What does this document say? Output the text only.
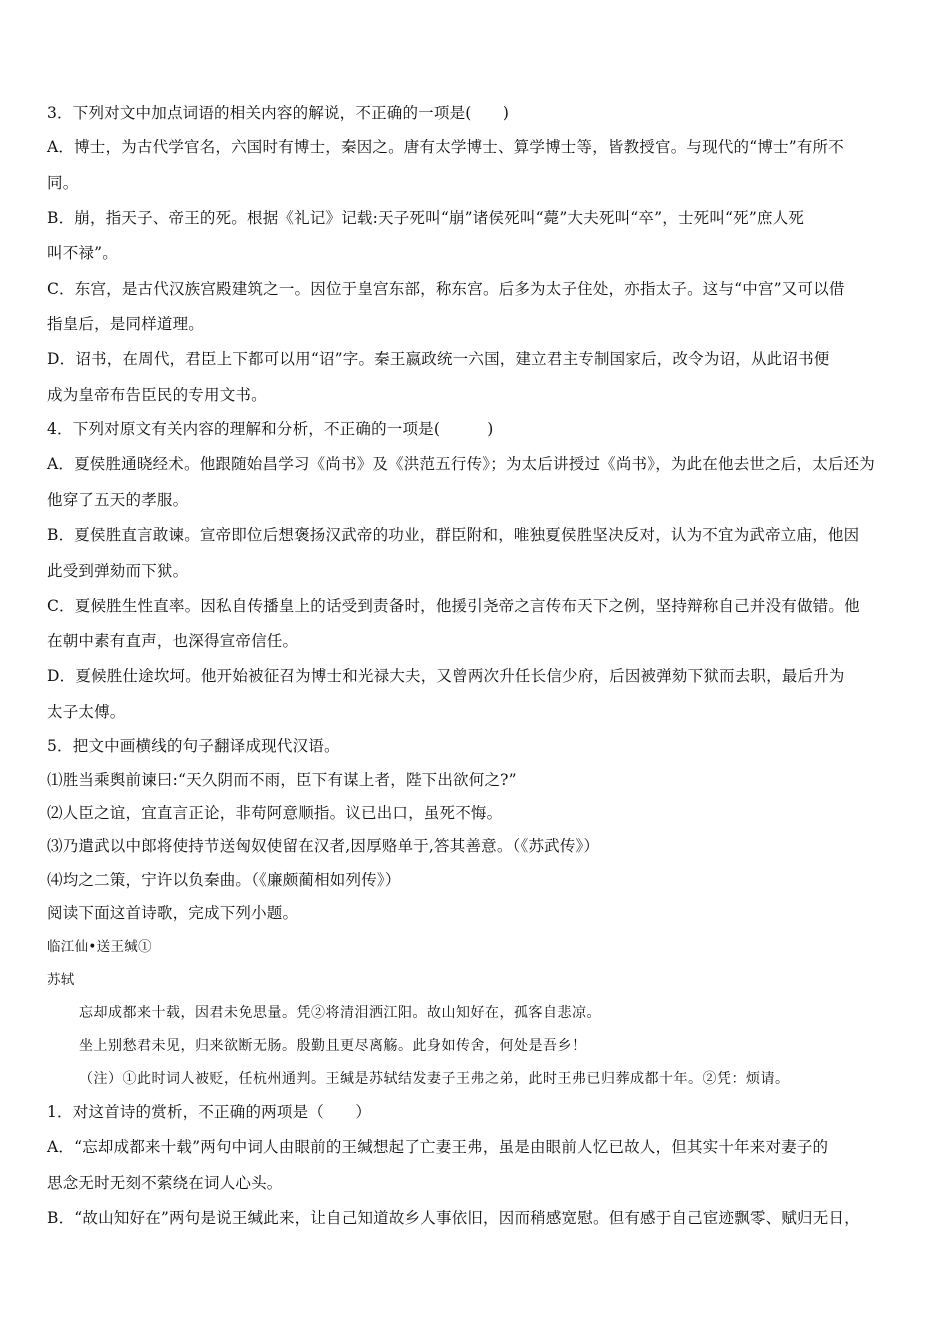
3．下列对文中加点词语的相关内容的解说，不正确的一项是(　　)
A．博士，为古代学官名，六国时有博士，秦因之。唐有太学博士、算学博士等，皆教授官。与现代的“博士”有所不
同。
B．崩，指天子、帝王的死。根据《礼记》记载:天子死叫“崩”诸侯死叫“薨”大夫死叫“卒”，士死叫“死”庶人死
叫不禄”。
C．东宫，是古代汉族宫殿建筑之一。因位于皇宫东部，称东宫。后多为太子住处，亦指太子。这与“中宫”又可以借
指皇后，是同样道理。
D．诏书，在周代，君臣上下都可以用“诏”字。秦王嬴政统一六国，建立君主专制国家后，改令为诏，从此诏书便
成为皇帝布告臣民的专用文书。
4．下列对原文有关内容的理解和分析，不正确的一项是(　　　)
A．夏侯胜通晓经术。他跟随始昌学习《尚书》及《洪范五行传》；为太后讲授过《尚书》，为此在他去世之后，太后还为
他穿了五天的孝服。
B．夏侯胜直言敢谏。宣帝即位后想褒扬汉武帝的功业，群臣附和，唯独夏侯胜坚决反对，认为不宜为武帝立庙，他因
此受到弹劾而下狱。
C．夏候胜生性直率。因私自传播皇上的话受到责备时，他援引尧帝之言传布天下之例，坚持辩称自己并没有做错。他
在朝中素有直声，也深得宣帝信任。
D．夏候胜仕途坎坷。他开始被征召为博士和光禄大夫，又曾两次升任长信少府，后因被弹劾下狱而去职，最后升为
太子太傅。
5．把文中画横线的句子翻译成现代汉语。
⑴胜当乘舆前谏曰:“天久阴而不雨，臣下有谋上者，陛下出欲何之?”
⑵人臣之谊，宜直言正论，非苟阿意顺指。议已出口，虽死不悔。
⑶乃遣武以中郎将使持节送匈奴使留在汉者,因厚赂单于,答其善意。（《苏武传》）
⑷均之二策，宁许以负秦曲。（《廉颇蔺相如列传》）
阅读下面这首诗歌，完成下列小题。
临江仙•送王缄①
苏轼
忘却成都来十载，因君未免思量。凭②将清泪洒江阳。故山知好在，孤客自悲凉。
坐上别愁君未见，归来欲断无肠。殷勤且更尽离觞。此身如传舍，何处是吾乡！
（注）①此时词人被贬，任杭州通判。王缄是苏轼结发妻子王弗之弟，此时王弗已归葬成都十年。②凭：烦请。
1．对这首诗的赏析，不正确的两项是（　　）
A．“忘却成都来十载”两句中词人由眼前的王缄想起了亡妻王弗，虽是由眼前人忆已故人，但其实十年来对妻子的
思念无时无刻不萦绕在词人心头。
B．“故山知好在”两句是说王缄此来，让自己知道故乡人事依旧，因而稍感宽慰。但有感于自己宦迹飘零、赋归无日，
